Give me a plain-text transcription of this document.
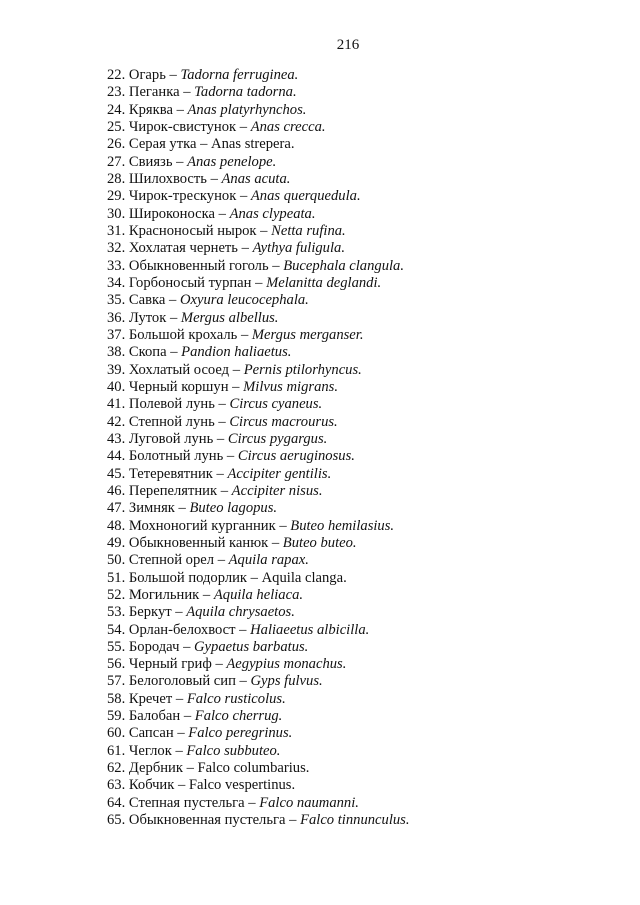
216
22. Огарь – Tadorna ferruginea.
23. Пеганка – Tadorna tadorna.
24. Кряква – Anas platyrhynchos.
25. Чирок-свистунок – Anas crecca.
26. Серая утка – Anas strepera.
27. Свиязь – Anas penelope.
28. Шилохвость – Anas acuta.
29. Чирок-трескунок – Anas querquedula.
30. Широконоска – Anas clypeata.
31. Красноносый нырок – Netta rufina.
32. Хохлатая чернеть – Aythya fuligula.
33. Обыкновенный гоголь – Bucephala clangula.
34. Горбоносый турпан – Melanitta deglandi.
35. Савка – Oxyura leucocephala.
36. Луток – Mergus albellus.
37. Большой крохаль – Mergus merganser.
38. Скопа – Pandion haliaetus.
39. Хохлатый осоед – Pernis ptilorhyncus.
40. Черный коршун – Milvus migrans.
41. Полевой лунь – Circus cyaneus.
42. Степной лунь – Circus macrourus.
43. Луговой лунь – Circus pygargus.
44. Болотный лунь – Circus aeruginosus.
45. Тетеревятник – Accipiter gentilis.
46. Перепелятник – Accipiter nisus.
47. Зимняк – Buteo lagopus.
48. Мохноногий курганник – Buteo hemilasius.
49. Обыкновенный канюк – Buteo buteo.
50. Степной орел – Aquila rapax.
51. Большой подорлик – Aquila clanga.
52. Могильник – Aquila heliaca.
53. Беркут – Aquila chrysaetos.
54. Орлан-белохвост – Haliaeetus albicilla.
55. Бородач – Gypaetus barbatus.
56. Черный гриф – Aegypius monachus.
57. Белоголовый сип – Gyps fulvus.
58. Кречет – Falco rusticolus.
59. Балобан – Falco cherrug.
60. Сапсан – Falco peregrinus.
61. Чеглок – Falco subbuteo.
62. Дербник – Falco columbarius.
63. Кобчик – Falco vespertinus.
64. Степная пустельга – Falco naumanni.
65. Обыкновенная пустельга – Falco tinnunculus.
